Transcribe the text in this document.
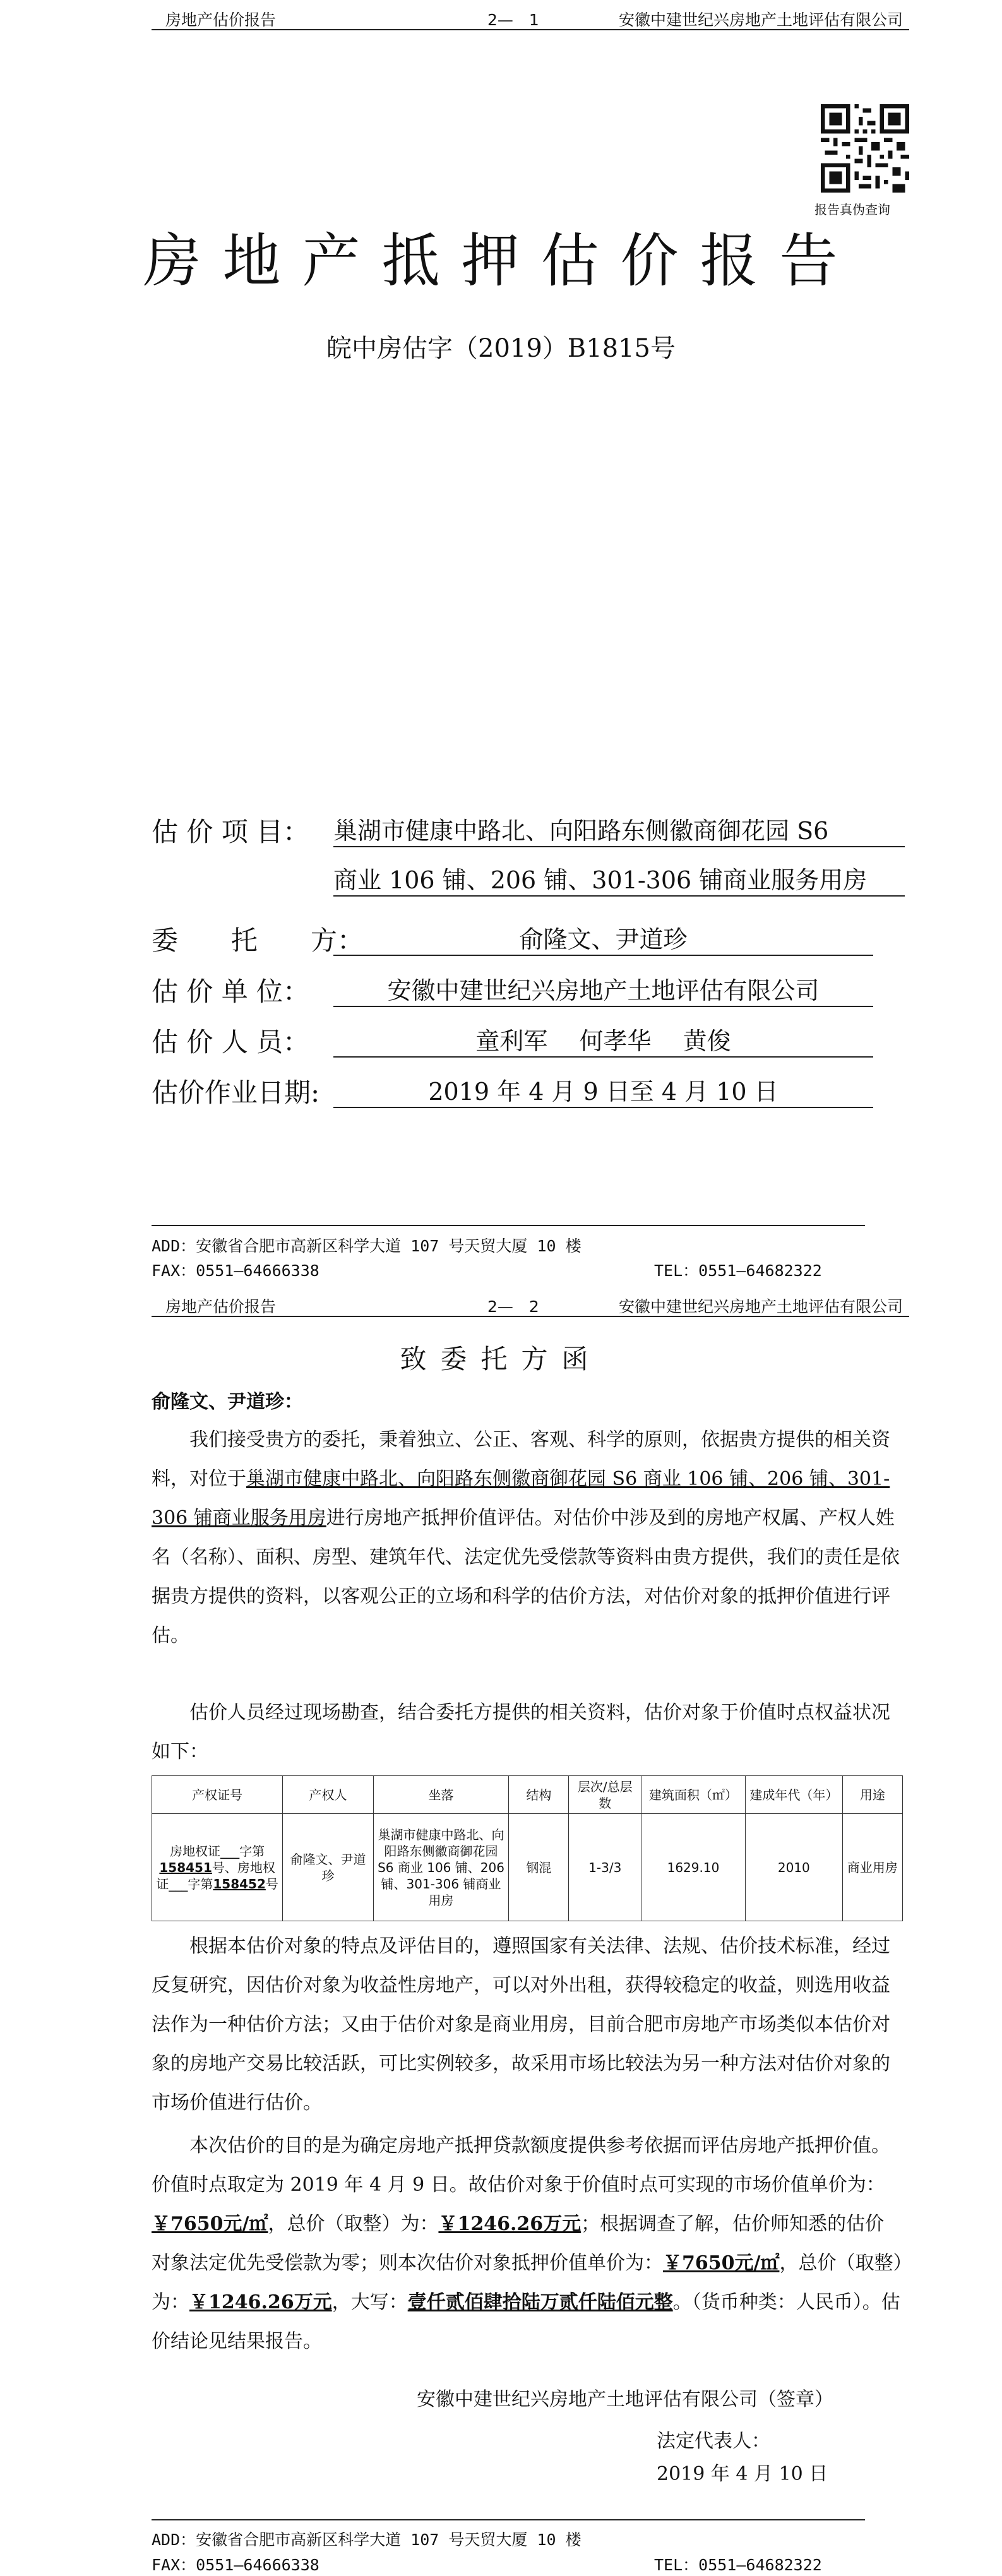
房地产估价报告	2—　1	安徽中建世纪兴房地产土地评估有限公司
报告真伪查询
房地产抵押估价报告
皖中房估字（2019）B1815号
估 价 项 目： 巢湖市健康中路北、向阳路东侧徽商御花园 S6
商业 106 铺、206 铺、301-306 铺商业服务用房
委　　托　　方：	俞隆文、尹道珍
估 价 单 位：	安徽中建世纪兴房地产土地评估有限公司
估 价 人 员：	童利军　 何孝华　 黄俊
估价作业日期:	2019 年 4 月 9 日至 4 月 10 日
ADD：安徽省合肥市高新区科学大道 107 号天贸大厦 10 楼
FAX：0551—64666338	TEL：0551—64682322
房地产估价报告	2—　2	安徽中建世纪兴房地产土地评估有限公司
致委托方函
俞隆文、尹道珍：
我们接受贵方的委托，秉着独立、公正、客观、科学的原则，依据贵方提供的相关资料，对位于巢湖市健康中路北、向阳路东侧徽商御花园 S6 商业 106 铺、206 铺、301-306 铺商业服务用房进行房地产抵押价值评估。对估价中涉及到的房地产权属、产权人姓名（名称）、面积、房型、建筑年代、法定优先受偿款等资料由贵方提供，我们的责任是依据贵方提供的资料，以客观公正的立场和科学的估价方法，对估价对象的抵押价值进行评估。
估价人员经过现场勘查，结合委托方提供的相关资料，估价对象于价值时点权益状况如下：
产权证号	产权人	坐落	结构	层次/总层数	建筑面积（㎡）	建成年代（年）	用途
房地权证___字第158451号、房地权证___字第158452号	俞隆文、尹道珍	巢湖市健康中路北、向阳路东侧徽商御花园 S6 商业 106 铺、206 铺、301-306 铺商业用房	钢混	1-3/3	1629.10	2010	商业用房
根据本估价对象的特点及评估目的，遵照国家有关法律、法规、估价技术标准，经过反复研究，因估价对象为收益性房地产，可以对外出租，获得较稳定的收益，则选用收益法作为一种估价方法；又由于估价对象是商业用房，目前合肥市房地产市场类似本估价对象的房地产交易比较活跃，可比实例较多，故采用市场比较法为另一种方法对估价对象的市场价值进行估价。
本次估价的目的是为确定房地产抵押贷款额度提供参考依据而评估房地产抵押价值。价值时点取定为 2019 年 4 月 9 日。故估价对象于价值时点可实现的市场价值单价为：￥7650元/㎡，总价（取整）为：￥1246.26万元；根据调查了解，估价师知悉的估价对象法定优先受偿款为零；则本次估价对象抵押价值单价为：￥7650元/㎡，总价（取整）为：￥1246.26万元，大写：壹仟贰佰肆拾陆万贰仟陆佰元整。（货币种类：人民币）。估价结论见结果报告。
安徽中建世纪兴房地产土地评估有限公司（签章）
法定代表人：
2019 年 4 月 10 日
ADD：安徽省合肥市高新区科学大道 107 号天贸大厦 10 楼
FAX：0551—64666338	TEL：0551—64682322
